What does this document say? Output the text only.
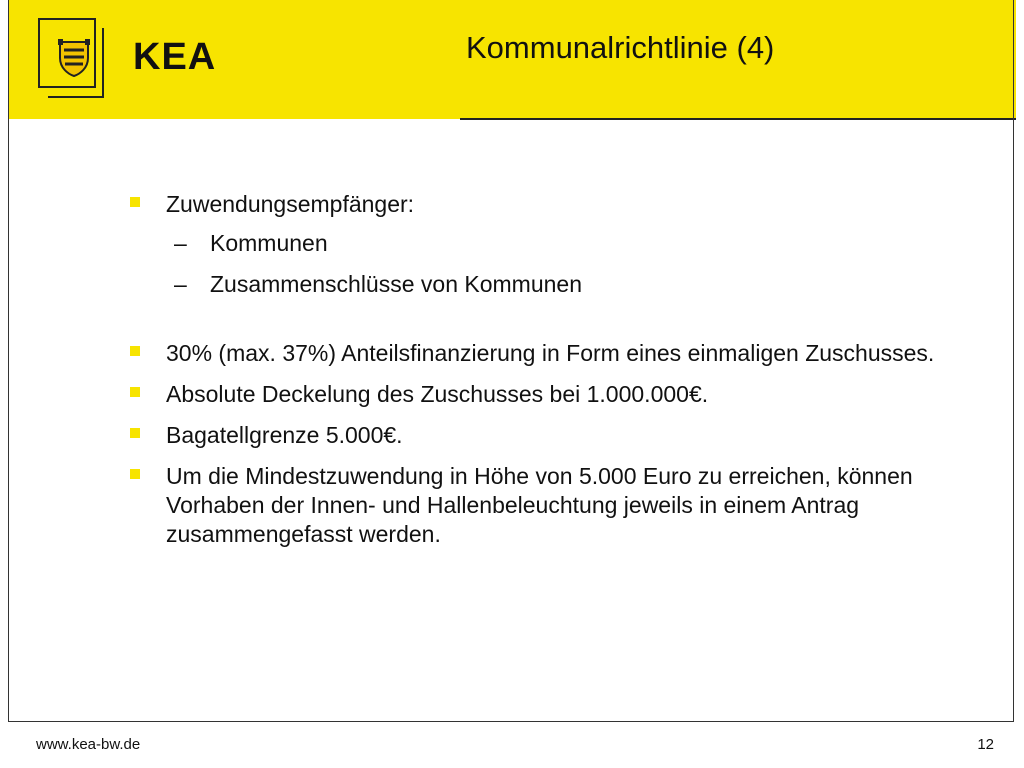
KEA	Kommunalrichtlinie (4)
Zuwendungsempfänger:
– Kommunen
– Zusammenschlüsse von Kommunen
30% (max. 37%) Anteilsfinanzierung in Form eines einmaligen Zuschusses.
Absolute Deckelung des Zuschusses bei 1.000.000€.
Bagatellgrenze 5.000€.
Um die Mindestzuwendung in Höhe von 5.000 Euro zu erreichen, können Vorhaben der Innen- und Hallenbeleuchtung jeweils in einem Antrag zusammengefasst werden.
www.kea-bw.de	12
